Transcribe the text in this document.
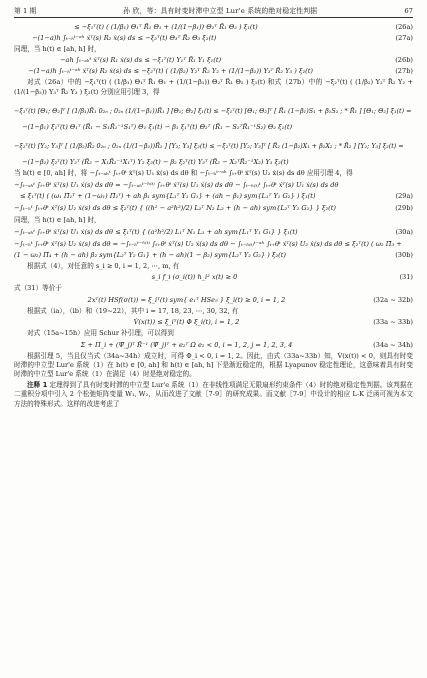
第 1 期	孙 欣，等：具有时变时滞中立型 Lur'e 系统的绝对稳定性判据	67
≤ −ξ₁ᵀ(t) ( (1/β₁) Θ₁ᵀ R̃₁ Θ₁ + (1/(1−β₁)) Θ₂ᵀ R̃₁ Θ₂ ) ξ₁(t)	(26a)
−(1−a)h ∫ₜ₋ₕᵗ⁻ᵃʰ ẋᵀ(s) R₂ ẋ(s) ds ≤ −ξ₂ᵀ(t) Θ₃ᵀ R̃₂ Θ₃ ξ₂(t)	(27a)

同理，当 h(t) ∈ [ah, h] 时，

−ah ∫ₜ₋ₐₕᵗ ẋᵀ(s) R₁ ẋ(s) ds ≤ −ξ₁ᵀ(t) Υ₁ᵀ R̃₁ Υ₁ ξ₁(t)	(26b)
−(1−a)h ∫ₜ₋ₕᵗ⁻ᵃʰ ẋᵀ(s) R₂ ẋ(s) ds ≤ −ξ₂ᵀ(t) ( (1/β₂) Υ₂ᵀ R̃₂ Υ₂ + (1/(1−β₂)) Υ₃ᵀ R̃₂ Υ₃ ) ξ₂(t)	(27b)

对式（26a）中的 −ξ₁ᵀ(t) ( (1/β₁) Θ₁ᵀ R̃₁ Θ₁ + (1/(1−β₁)) Θ₂ᵀ R̃₁ Θ₂ ) ξ₁(t) 和式（27b）中的 −ξ₂ᵀ(t) ( (1/β₂) Υ₂ᵀ R̃₂ Υ₂ + (1/(1−β₂)) Υ₃ᵀ R̃₂ Υ₃ ) ξ₂(t) 分别应用引理 3，得

−ξ₁ᵀ(t) [Θ₁; Θ₂]ᵀ [ (1/β₁)R̃₁ 0₂ₙ ; 0₂ₙ (1/(1−β₁))R̃₁ ] [Θ₁; Θ₂] ξ₁(t) ≤ −ξ₁ᵀ(t) [Θ₁; Θ₂]ᵀ [ R̃₁ (1−β₁)S₁ + β₁S₂ ; * R̃₁ ] [Θ₁; Θ₂] ξ₁(t) =
−(1−β₁) ξ₁ᵀ(t) Θ₁ᵀ (R̃₁ − S₁R̃₁⁻¹S₁ᵀ) Θ₁ ξ₁(t) − β₁ ξ₁ᵀ(t) Θ₂ᵀ (R̃₁ − S₂ᵀR̃₁⁻¹S₂) Θ₂ ξ₁(t)
−ξ₂ᵀ(t) [Υ₂; Υ₃]ᵀ [ (1/β₂)R̃₂ 0₂ₙ ; 0₂ₙ (1/(1−β₂))R̃₂ ] [Υ₂; Υ₃] ξ₂(t) ≤ −ξ₂ᵀ(t) [Υ₂; Υ₃]ᵀ [ R̃₂ (1−β₂)X₁ + β₂X₂ ; * R̃₂ ] [Υ₂; Υ₃] ξ₂(t) =
−(1−β₂) ξ₂ᵀ(t) Υ₂ᵀ (R̃₂ − X₁R̃₂⁻¹X₁ᵀ) Υ₂ ξ₂(t) − β₂ ξ₂ᵀ(t) Υ₃ᵀ (R̃₂ − X₂ᵀR̃₂⁻¹X₂) Υ₃ ξ₂(t)

当 h(t) ∈ [0, ah] 时，将 −∫ₜ₋ₐₕᵗ ∫ₜ₊θᵗ ẋᵀ(s) U₁ ẋ(s) ds dθ 和 −∫ₜ₋ₕᵗ⁻ᵃʰ ∫ₜ₊θᵗ ẋᵀ(s) U₂ ẋ(s) ds dθ 应用引理 4，得

−∫ₜ₋ₐₕᵗ ∫ₜ₊θᵗ ẋᵀ(s) U₁ ẋ(s) ds dθ = −∫ₜ₋ₐₕᵗ⁻ʰ⁽ᵗ⁾ ∫ₜ₊θᵗ ẋᵀ(s) U₁ ẋ(s) ds dθ − ∫ₜ₋ₕ₍ₜ₎ᵗ ∫ₜ₊θᵗ ẋᵀ(s) U₁ ẋ(s) ds dθ
≤ ξ₁ᵀ(t) ( (ω₁ Π̃₁ᵀ + (1−ω₁) Π̃₂ᵀ) + ah β₁ sym{L₁ᵀ Y₁ G₁} + (ah − β₁) sym{L₁ᵀ Y₁ G₂} ) ξ₁(t)	(29a)
−∫ₜ₋ₕᵗ ∫ₜ₊θᵗ ẋᵀ(s) U₂ ẋ(s) ds dθ ≤ ξ₂ᵀ(t) { ((h² − a²h²)/2) L₂ᵀ N₂ L₂ + (h − ah) sym{L₂ᵀ Y₂ G₂} } ξ₂(t)	(29b)

同理，当 h(t) ∈ [ah, h] 时，

−∫ₜ₋ₐₕᵗ ∫ₜ₊θᵗ ẋᵀ(s) U₁ ẋ(s) ds dθ ≤ ξ₁ᵀ(t) { (a²h²/2) L₁ᵀ N₁ L₁ + ah sym{L₁ᵀ Y₁ G₁} } ξ₁(t)	(30a)
−∫ₜ₋ₕᵗ ∫ₜ₊θᵗ ẋᵀ(s) U₂ ẋ(s) ds dθ = −∫ₜ₋ₕᵗ⁻ʰ⁽ᵗ⁾ ∫ₜ₊θᵗ ẋᵀ(s) U₂ ẋ(s) ds dθ − ∫ₜ₋ₕ₍ₜ₎ᵗ⁻ᵃʰ ∫ₜ₊θᵗ ẋᵀ(s) U₂ ẋ(s) ds dθ ≤ ξ₂ᵀ(t) ( ω₂ Π̃₃ +
(1 − ω₂) Π̃₄ + (h − ah) β₂ sym{L₂ᵀ Y₂ G₁} + (h − ah)(1 − β₂) sym{L₂ᵀ Y₂ G₂} ) ξ₂(t)	(30b)

根据式（4），对任意的 s_i ≥ 0, i = 1, 2, ⋯, m, 有

s_i f_i (σ_i(t)) h_i² x(t) ≥ 0	(31)

式（31）等价于

2xᵀ(t) HSf(σ(t)) = ξ_iᵀ(t) sym{ e₁ᵀ HSe₅ } ξ_i(t) ≥ 0, i = 1, 2	(32a ~ 32b)

根据式（ia），（ib）和（19~22），其中 i = 17, 18, 23, ⋯, 30, 32, 有

V̇(x(t)) ≤ ξ_iᵀ(t) Φ ξ_i(t), i = 1, 2	(33a ~ 33b)

对式（15a~15h）应用 Schur 补引理，可以得到

Σ + Π_i + (Ψ̃_j)ᵀ R̃⁻¹ (Ψ̃_j)ᵀ + e₂ᵀ Ω e₂ < 0, i = 1, 2, j = 1, 2, 3, 4	(34a ~ 34h)

根据引理 5，当且仅当式（34a~34h）成立时，可得 Φ_i < 0, i = 1, 2。因此，由式（33a~33b）知，V̇(x(t)) < 0，则具有时变时滞的中立型 Lur'e 系统（1）在 h(t) ∈ [0, ah] 和 h(t) ∈ [ah, h] 下是渐近稳定的，根据 Lyapunov 稳定性理论，这意味着具有时变时滞的中立型 Lur'e 系统（1）在满足（4）时是绝对稳定的。

注释 1 定理得到了具有时变时滞的中立型 Lur'e 系统（1）在非线性项满足无限扇形约束条件（4）时的绝对稳定性判据。该判据在二重积分项中引入 2 个松弛矩阵变量 W₁, W₂，从而改进了文献［7-9］的研究成果。而文献［7-9］中设计的相应 L-K 泛函可视为本文方法的特殊形式。这样的改进考虑了
